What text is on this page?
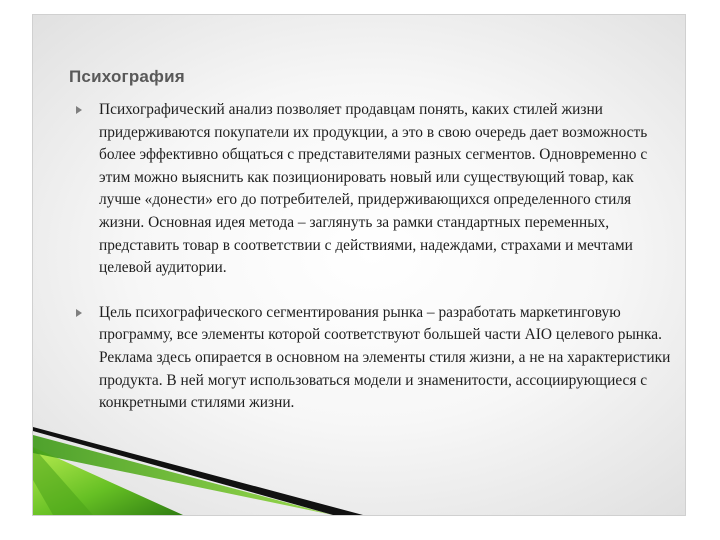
Психография
Психографический анализ позволяет продавцам понять, каких стилей жизни придерживаются покупатели их продукции, а это в свою очередь дает возможность более эффективно общаться с представителями разных сегментов. Одновременно с этим можно выяснить как позиционировать новый или существующий товар, как лучше «донести» его до потребителей, придерживающихся определенного стиля жизни. Основная идея метода – заглянуть за рамки стандартных переменных, представить товар в соответствии с действиями, надеждами, страхами и мечтами целевой аудитории.
Цель психографического сегментирования рынка – разработать маркетинговую программу, все элементы которой соответствуют большей части AIO целевого рынка. Реклама здесь опирается в основном на элементы стиля жизни, а не на характеристики продукта. В ней могут использоваться модели и знаменитости, ассоциирующиеся с конкретными стилями жизни.
